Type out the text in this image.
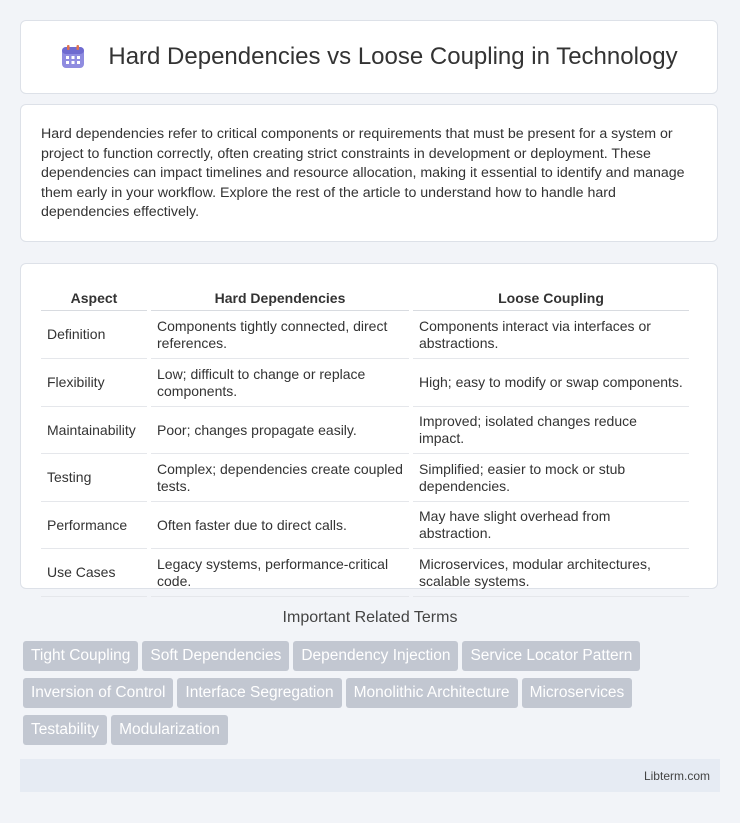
Hard Dependencies vs Loose Coupling in Technology

Hard dependencies refer to critical components or requirements that must be present for a system or project to function correctly, often creating strict constraints in development or deployment. These dependencies can impact timelines and resource allocation, making it essential to identify and manage them early in your workflow. Explore the rest of the article to understand how to handle hard dependencies effectively.

Aspect	Hard Dependencies	Loose Coupling
Definition	Components tightly connected, direct references.	Components interact via interfaces or abstractions.
Flexibility	Low; difficult to change or replace components.	High; easy to modify or swap components.
Maintainability	Poor; changes propagate easily.	Improved; isolated changes reduce impact.
Testing	Complex; dependencies create coupled tests.	Simplified; easier to mock or stub dependencies.
Performance	Often faster due to direct calls.	May have slight overhead from abstraction.
Use Cases	Legacy systems, performance-critical code.	Microservices, modular architectures, scalable systems.
Important Related Terms
Tight Coupling Soft Dependencies Dependency Injection Service Locator Pattern
Inversion of Control Interface Segregation Monolithic Architecture Microservices
Testability Modularization
Libterm.com
